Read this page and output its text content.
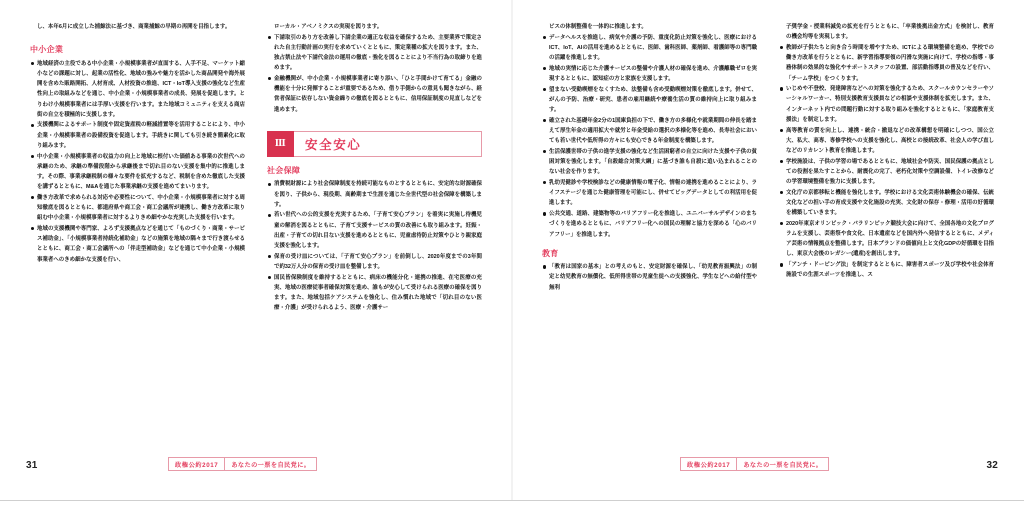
し、本年6月に成立した捕鯨法に基づき、商業捕鯨の早期の再開を目指します。

中小企業
地域経済の主役である中小企業・小規模事業者が直面する、人手不足、マーケット縮小などの課題に対し、起業の活性化、地域の強みや魅力を活かした商品開発や海外展開を含めた販路開拓、人材育成、人材投資の推進、ICT・IoT導入支援の強化など生産性向上の取組みなどを通じ、中小企業・小規模事業者の成長、発展を促進します。とりわけ小規模事業者には手厚い支援を行います。また地域コミュニティを支える商店街の自立を積極的に支援します。
支援機関によるサポート制度や固定資産税の軽減措置等を活用することにより、中小企業・小規模事業者の設備投資を促進します。手続きに関しても引き続き簡素化に取り組みます。
中小企業・小規模事業者の収益力の向上と地域に根付いた価値ある事業の次世代への承継のため、承継の準備段階から承継後まで切れ目のない支援を集中的に推進します。その際、事業承継税制の様々な要件を拡充するなど、税制を含めた徹底した支援を講ずるとともに、M&Aを通じた事業承継の支援を進めてまいります。
働き方改革で求められる対応や必要性について、中小企業・小規模事業者に対する周知徹底を図るとともに、都道府県や商工会・商工会議所が連携し、働き方改革に取り組む中小企業・小規模事業者に対するよりきめ細やかな充実した支援を行います。
地域の支援機関や専門家、よろず支援拠点などを通じて「ものづくり・商業・サービス補助金」、「小規模事業者持続化補助金」などの施策を地域の隅々まで行き渡らせるとともに、商工会・商工会議所への「伴走型補助金」などを通じて中小企業・小規模事業者へのきめ細かな支援を行い、

ローカル・アベノミクスの実現を図ります。

下請取引のあり方を改善し下請企業の適正な収益を確保するため、主要業界で策定された自主行動計画の実行を求めていくとともに、策定業種の拡大を図ります。また、独占禁止法や下請代金法の運用の徹底・強化を図ることにより不当行為の取締りを進めます。
金融機関が、中小企業・小規模事業者に寄り添い、「ひと手間かけて育てる」金融の機能を十分に発揮することが重要であるため、借り手側からの意見も聞きながら、経営者保証に依存しない資金繰りの徹底を図るとともに、信用保証制度の見直しなどを進めます。
Ⅲ	安全安心
社会保障
消費税財源により社会保障制度を持続可能なものとするとともに、安定的な財源確保を図り、子供から、現役期、高齢期まで生涯を通じた全世代型の社会保障を構築します。
若い世代への公的支援を充実するため、「子育て安心プラン」を着実に実施し待機児童の解消を図るとともに、子育て支援サービスの質の改善にも取り組みます。妊娠・出産・子育ての切れ目ない支援を進めるとともに、児童虐待防止対策やひとり親家庭支援を強化します。
保育の受け皿については、「子育て安心プラン」を前倒しし、2020年度までの3年間で約32万人分の保育の受け皿を整備します。
国民皆保険制度を維持するとともに、病床の機能分化・連携の推進、在宅医療の充実、地域の医療従事者確保対策を進め、誰もが安心して受けられる医療の確保を図ります。また、地域包括ケアシステムを強化し、住み慣れた地域で「切れ目のない医療・介護」が受けられるよう、医療・介護サー
31	政権公約2017	あなたの一票を自民党に。

ビスの体制整備を一体的に推進します。

データヘルスを推進し、病気や介護の予防、重度化防止対策を強化し、医療におけるICT、IoT、AIの活用を進めるとともに、医師、歯科医師、薬剤師、看護師等の専門職の活躍を推進します。
地域の実情に応じた介護サービスの整備や介護人材の確保を進め、介護離職ゼロを実現するとともに、認知症の方と家族を支援します。
望まない受動喫煙をなくすため、法整備も含め受動喫煙対策を徹底します。併せて、がんの予防、治療・研究、患者の雇用継続や療養生活の質の維持向上に取り組みます。
確立された基礎年金2分の1国庫負担の下で、働き方の多様化や就業期間の伸長を踏まえて厚生年金の適用拡大や就労と年金受給の選択の多様化等を進め、長寿社会においても若い世代や低所得の方々にも安心できる年金制度を構築します。
生活保護世帯の子供の進学支援の強化など生活困窮者の自立に向けた支援や子供の貧困対策を強化します。「自殺総合対策大綱」に基づき誰も自殺に追い込まれることのない社会を作ります。
乳幼児健診や学校検診などの健康情報の電子化、情報の連携を進めることにより、ライフステージを通じた健康管理を可能にし、併せてビッグデータとしての利活用を促進します。
公共交通、道路、建築物等のバリアフリー化を推進し、ユニバーサルデザインのまちづくりを進めるとともに、バリアフリー化への国民の理解と協力を深める「心のバリアフリー」を推進します。
教育
「教育は国家の基本」との考えのもと、安定財源を確保し、「幼児教育振興法」の制定と幼児教育の無償化、低所得世帯の児童生徒への支援強化、学生などへの給付型や無利

子奨学金・授業料減免の拡充を行うとともに、「卒業後拠出金方式」を検討し、教育の機会均等を実現します。

教師が子供たちと向き合う時間を増やすため、ICTによる環境整備を進め、学校での働き方改革を行うとともに、新学習指導要領の円滑な実施に向けて、学校の指導・事務体制の効果的な強化やサポートスタッフの設置、部活動指導員の普及などを行い、「チーム学校」をつくります。
いじめや不登校、発達障害などへの対策を強化するため、スクールカウンセラーやソーシャルワーカー、特別支援教育支援員などの相談や支援体制を拡充します。また、インターネット内での問題行動に対する取り組みを強化するとともに、「家庭教育支援法」を制定します。
高等教育の質を向上し、連携・統合・撤退などの改革構想を明確にしつつ、国公立大、私大、高専、専修学校への支援を強化し、高校との接続改革、社会人の学び直しなどのリカレント教育を推進します。
学校施設は、子供の学習の場であるとともに、地域社会や防災、国民保護の拠点としての役割を果たすことから、耐震化の完了、老朽化対策や空調設備、トイレ改修などの学習環境整備を強力に支援します。
文化庁の京都移転と機能を強化します。学校における文化芸術体験機会の確保、伝統文化などの担い手の育成支援や文化施設の充実、文化財の保存・修理・活用の好循環を構築していきます。
2020年東京オリンピック・パラリンピック競技大会に向けて、全国各地の文化プログラムを支援し、芸術祭や食文化、日本遺産などを国内外へ発信するとともに、メディア芸術の情報拠点を整備します。日本ブランドの価値向上と文化GDPの好循環を目指し、東京大会後のレガシー(遺産)を創出します。
「アンチ・ドーピング法」を制定するとともに、障害者スポーツ及び学校や社会体育施設での生涯スポーツを推進し、ス
32
政権公約2017	あなたの一票を自民党に。
